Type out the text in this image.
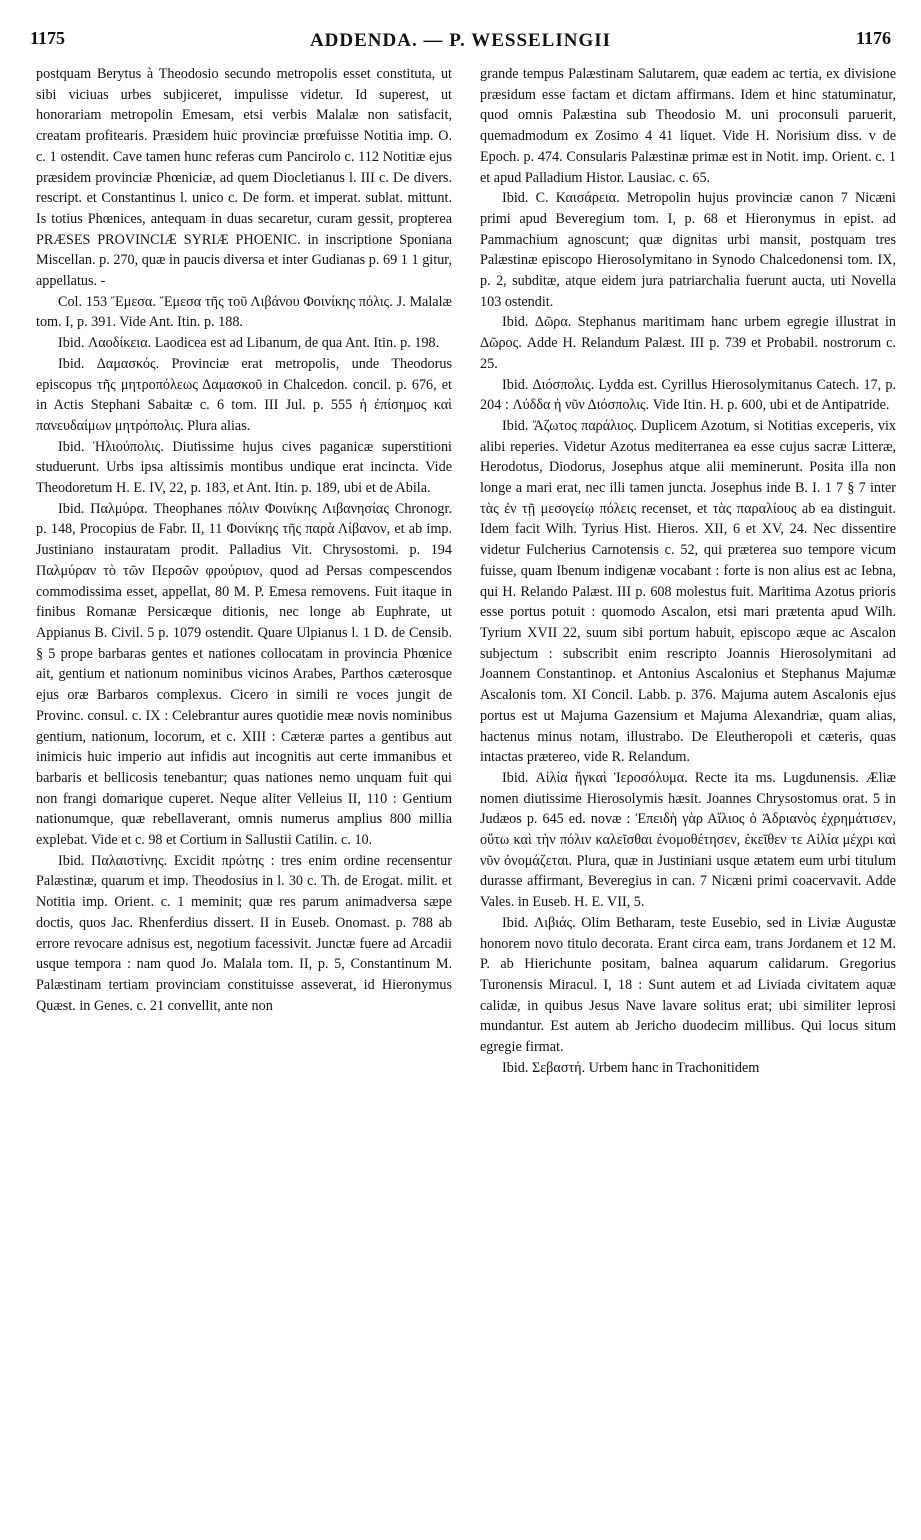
1175	ADDENDA. — P. WESSELINGII	1176

postquam Berytus à Theodosio secundo metropolis esset constituta, ut sibi viciuas urbes subjiceret, impulisse videtur. Id superest, ut honorariam metropolin Emesam, etsi verbis Malalæ non satisfacit, creatam profitearis. Præsidem huic provinciæ prœfuisse Notitia imp. O. c. 1 ostendit. Cave tamen hunc referas cum Pancirolo c. 112 Notitiæ ejus præsidem provinciæ Phœniciæ, ad quem Diocletianus l. III c. De divers. rescript. et Constantinus l. unico c. De form. et imperat. sublat. mittunt. Is totius Phœnices, antequam in duas secaretur, curam gessit, propterea PRÆSES PROVINCIÆ SYRIÆ PHOENIC. in inscriptione Sponiana Miscellan. p. 270, quæ in paucis diversa et inter Gudianas p. 69 1 1 gitur, appellatus. -

Col. 153 Ἔμεσα. Ἔμεσα τῆς τοῦ Λιβάνου Φοινίκης πόλις. J. Malalæ tom. I, p. 391. Vide Ant. Itin. p. 188.

Ibid. Λαοδίκεια. Laodicea est ad Libanum, de qua Ant. Itin. p. 198.

Ibid. Δαμασκός. Provinciæ erat metropolis, unde Theodorus episcopus τῆς μητροπόλεως Δαμασκοῦ in Chalcedon. concil. p. 676, et in Actis Stephani Sabaitæ c. 6 tom. III Jul. p. 555 ἡ ἐπίσημος καὶ πανευδαίμων μητρόπολις. Plura alias.

Ibid. Ἡλιούπολις. Diutissime hujus cives paganicæ superstitioni studuerunt. Urbs ipsa altissimis montibus undique erat incincta. Vide Theodoretum H. E. IV, 22, p. 183, et Ant. Itin. p. 189, ubi et de Abila.

Ibid. Παλμύρα. Theophanes πόλιν Φοινίκης Λιβανησίας Chronogr. p. 148, Procopius de Fabr. II, 11 Φοινίκης τῆς παρὰ Λίβανον, et ab imp. Justiniano instauratam prodit. Palladius Vit. Chrysostomi. p. 194 Παλμύραν τὸ τῶν Περσῶν φρούριον, quod ad Persas compescendos commodissima esset, appellat, 80 M. P. Emesa removens. Fuit itaque in finibus Romanæ Persicæque ditionis, nec longe ab Euphrate, ut Appianus B. Civil. 5 p. 1079 ostendit. Quare Ulpianus l. 1 D. de Censib. § 5 prope barbaras gentes et nationes collocatam in provincia Phœnice ait, gentium et nationum nominibus vicinos Arabes, Parthos cæterosque ejus oræ Barbaros complexus. Cicero in simili re voces jungit de Provinc. consul. c. IX : Celebrantur aures quotidie meæ novis nominibus gentium, nationum, locorum, et c. XIII : Cæteræ partes a gentibus aut inimicis huic imperio aut infidis aut incognitis aut certe immanibus et barbaris et bellicosis tenebantur; quas nationes nemo unquam fuit qui non frangi domarique cuperet. Neque aliter Velleius II, 110 : Gentium nationumque, quæ rebellaverant, omnis numerus amplius 800 millia explebat. Vide et c. 98 et Cortium in Sallustii Catilin. c. 10.

Ibid. Παλαιστίνης. Excidit πρώτης : tres enim ordine recensentur Palæstinæ, quarum et imp. Theodosius in l. 30 c. Th. de Erogat. milit. et Notitia imp. Orient. c. 1 meminit; quæ res parum animadversa sæpe doctis, quos Jac. Rhenferdius dissert. II in Euseb. Onomast. p. 788 ab errore revocare adnisus est, negotium facessivit. Junctæ fuere ad Arcadii usque tempora : nam quod Jo. Malala tom. II, p. 5, Constantinum M. Palæstinam tertiam provinciam constituisse asseverat, id Hieronymus Quæst. in Genes. c. 21 convellit, ante non

grande tempus Palæstinam Salutarem, quæ eadem ac tertia, ex divisione præsidum esse factam et dictam affirmans. Idem et hinc statuminatur, quod omnis Palæstina sub Theodosio M. uni proconsuli paruerit, quemadmodum ex Zosimo 4 41 liquet. Vide H. Norisium diss. v de Epoch. p. 474. Consularis Palæstinæ primæ est in Notit. imp. Orient. c. 1 et apud Palladium Histor. Lausiac. c. 65.

Ibid. C. Καισάρεια. Metropolin hujus provinciæ canon 7 Nicæni primi apud Beveregium tom. I, p. 68 et Hieronymus in epist. ad Pammachium agnoscunt; quæ dignitas urbi mansit, postquam tres Palæstinæ episcopo Hierosolymitano in Synodo Chalcedonensi tom. IX, p. 2, subditæ, atque eidem jura patriarchalia fuerunt aucta, uti Novella 103 ostendit.

Ibid. Δῶρα. Stephanus maritimam hanc urbem egregie illustrat in Δῶρος. Adde H. Relandum Palæst. III p. 739 et Probabil. nostrorum c. 25.

Ibid. Διόσπολις. Lydda est. Cyrillus Hierosolymitanus Catech. 17, p. 204 : Λύδδα ἡ νῦν Διόσπολις. Vide Itin. H. p. 600, ubi et de Antipatride.

Ibid. Ἄζωτος παράλιος. Duplicem Azotum, si Notitias exceperis, vix alibi reperies. Videtur Azotus mediterranea ea esse cujus sacræ Litteræ, Herodotus, Diodorus, Josephus atque alii meminerunt. Posita illa non longe a mari erat, nec illi tamen juncta. Josephus inde B. I. 1 7 § 7 inter τὰς ἐν τῇ μεσογείῳ πόλεις recenset, et τὰς παραλίους ab ea distinguit. Idem facit Wilh. Tyrius Hist. Hieros. XII, 6 et XV, 24. Nec dissentire videtur Fulcherius Carnotensis c. 52, qui præterea suo tempore vicum fuisse, quam Ibenum indigenæ vocabant : forte is non alius est ac Iebna, qui H. Relando Palæst. III p. 608 molestus fuit. Maritima Azotus prioris esse portus potuit : quomodo Ascalon, etsi mari prætenta apud Wilh. Tyrium XVII 22, suum sibi portum habuit, episcopo æque ac Ascalon subjectum : subscribit enim rescripto Joannis Hierosolymitani ad Joannem Constantinop. et Antonius Ascalonius et Stephanus Majumæ Ascalonis tom. XI Concil. Labb. p. 376. Majuma autem Ascalonis ejus portus est ut Majuma Gazensium et Majuma Alexandriæ, quam alias, hactenus minus notam, illustrabo. De Eleutheropoli et cæteris, quas intactas prætereo, vide R. Relandum.

Ibid. Αἰλία ἤγκαὶ Ἱεροσόλυμα. Recte ita ms. Lugdunensis. Æliæ nomen diutissime Hierosolymis hæsit. Joannes Chrysostomus orat. 5 in Judæos p. 645 ed. novæ : Ἐπειδὴ γὰρ Αἴλιος ὁ Ἀδριανὸς ἐχρημάτισεν, οὕτω καὶ τὴν πόλιν καλεῖσθαι ἐνομοθέτησεν, ἐκεῖθεν τε Αἰλία μέχρι καὶ νῦν ὀνομάζεται. Plura, quæ in Justiniani usque ætatem eum urbi titulum durasse affirmant, Beveregius in can. 7 Nicæni primi coacervavit. Adde Vales. in Euseb. H. E. VII, 5.

Ibid. Λιβιάς. Olim Betharam, teste Eusebio, sed in Liviæ Augustæ honorem novo titulo decorata. Erant circa eam, trans Jordanem et 12 M. P. ab Hierichunte positam, balnea aquarum calidarum. Gregorius Turonensis Miracul. I, 18 : Sunt autem et ad Liviada civitatem aquæ calidæ, in quibus Jesus Nave lavare solitus erat; ubi similiter leprosi mundantur. Est autem ab Jericho duodecim millibus. Qui locus situm egregie firmat.

Ibid. Σεβαστή. Urbem hanc in Trachonitidem
